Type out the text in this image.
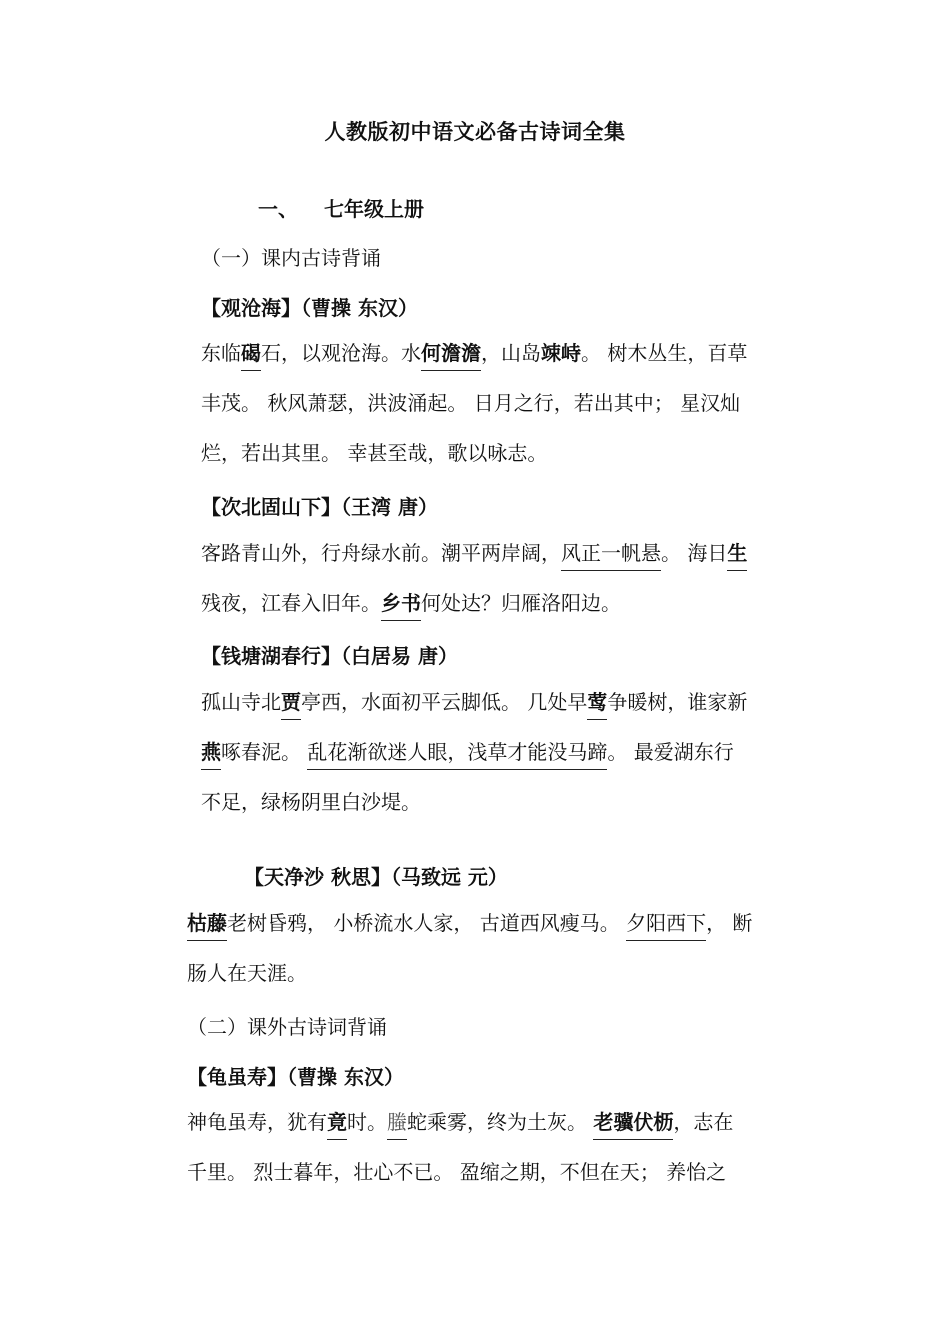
人教版初中语文必备古诗词全集
一、 七年级上册
（一）课内古诗背诵
【观沧海】（曹操 东汉）
东临碣石，以观沧海。水何澹澹，山岛竦峙。 树木丛生，百草
丰茂。 秋风萧瑟，洪波涌起。 日月之行，若出其中； 星汉灿
烂，若出其里。 幸甚至哉，歌以咏志。
【次北固山下】（王湾 唐）
客路青山外，行舟绿水前。潮平两岸阔，风正一帆悬。 海日生
残夜，江春入旧年。乡书何处达？归雁洛阳边。
【钱塘湖春行】（白居易 唐）
孤山寺北贾亭西，水面初平云脚低。 几处早莺争暖树，谁家新
燕啄春泥。 乱花渐欲迷人眼，浅草才能没马蹄。 最爱湖东行
不足，绿杨阴里白沙堤。
【天净沙 秋思】（马致远 元）
枯藤老树昏鸦， 小桥流水人家， 古道西风瘦马。 夕阳西下， 断
肠人在天涯。
（二）课外古诗词背诵
【龟虽寿】（曹操 东汉）
神龟虽寿，犹有竟时。螣蛇乘雾，终为土灰。 老骥伏枥，志在
千里。 烈士暮年，壮心不已。 盈缩之期，不但在天； 养怡之
